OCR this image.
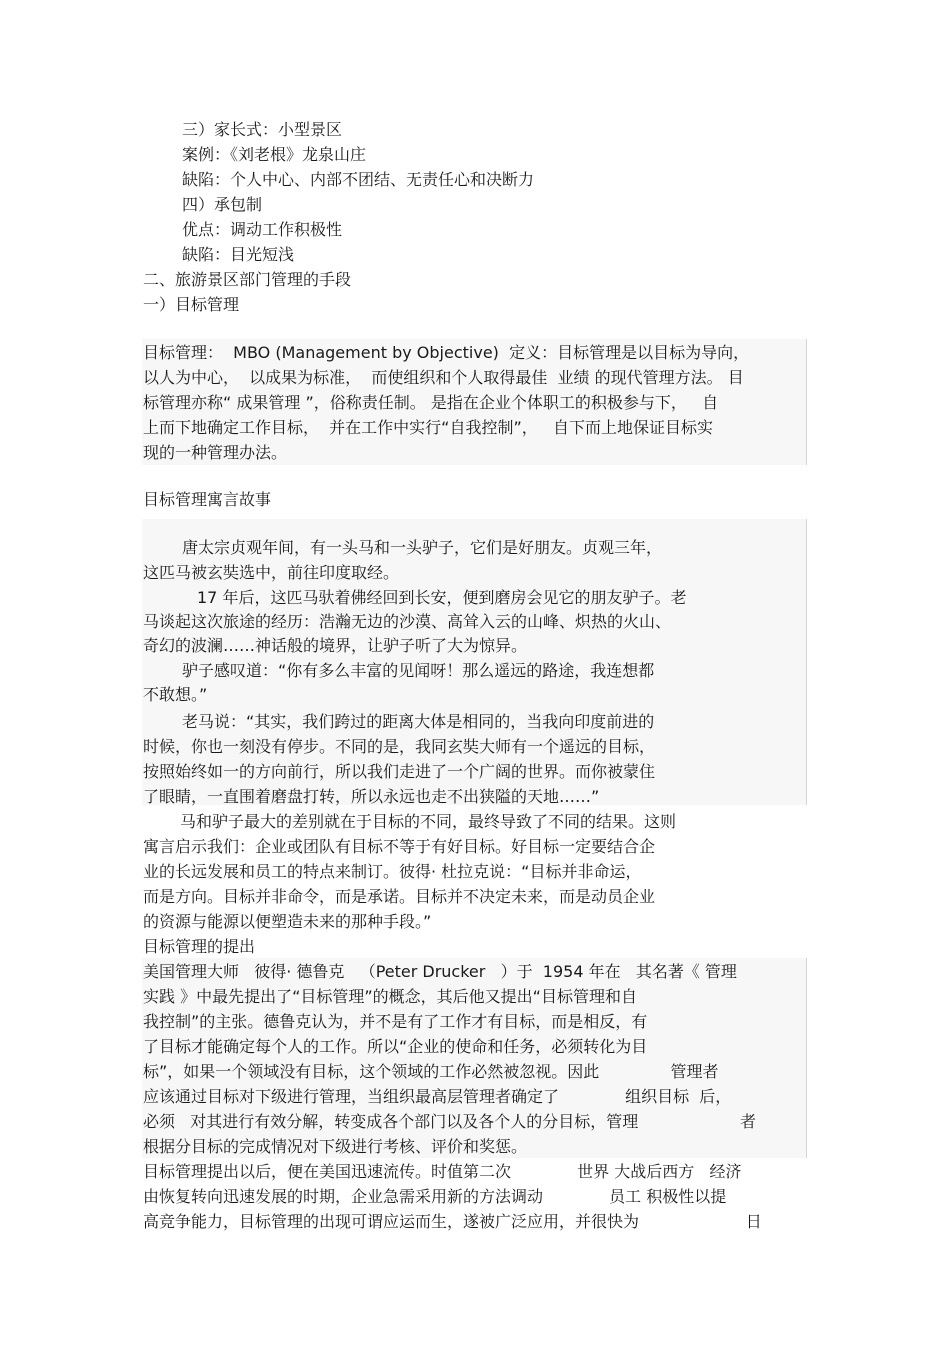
三）家长式：小型景区
案例：《刘老根》龙泉山庄
缺陷：个人中心、内部不团结、无责任心和决断力
四）承包制
优点：调动工作积极性
缺陷：目光短浅
二、旅游景区部门管理的手段
一）目标管理
目标管理：  MBO (Management by Objective)  定义：目标管理是以目标为导向，
以人为中心，  以成果为标准，  而使组织和个人取得最佳  业绩 的现代管理方法。 目
标管理亦称“ 成果管理 ”，俗称责任制。 是指在企业个体职工的积极参与下，   自
上而下地确定工作目标，  并在工作中实行“自我控制”，   自下而上地保证目标实
现的一种管理办法。
目标管理寓言故事
唐太宗贞观年间，有一头马和一头驴子，它们是好朋友。贞观三年，
这匹马被玄奘选中，前往印度取经。
17 年后，这匹马驮着佛经回到长安，便到磨房会见它的朋友驴子。老
马谈起这次旅途的经历：浩瀚无边的沙漠、高耸入云的山峰、炽热的火山、
奇幻的波澜……神话般的境界，让驴子听了大为惊异。
驴子感叹道：“你有多么丰富的见闻呀！那么遥远的路途，我连想都
不敢想。”
老马说：“其实，我们跨过的距离大体是相同的，当我向印度前进的
时候，你也一刻没有停步。不同的是，我同玄奘大师有一个遥远的目标，
按照始终如一的方向前行，所以我们走进了一个广阔的世界。而你被蒙住
了眼睛，一直围着磨盘打转，所以永远也走不出狭隘的天地……”
马和驴子最大的差别就在于目标的不同，最终导致了不同的结果。这则
寓言启示我们：企业或团队有目标不等于有好目标。好目标一定要结合企
业的长远发展和员工的特点来制订。彼得· 杜拉克说：“目标并非命运，
而是方向。目标并非命令，而是承诺。目标并不决定未来，而是动员企业
的资源与能源以便塑造未来的那种手段。”
目标管理的提出
美国管理大师   彼得· 德鲁克   （Peter Drucker   ）于  1954 年在   其名著《 管理
实践 》中最先提出了“目标管理”的概念，其后他又提出“目标管理和自
我控制”的主张。德鲁克认为，并不是有了工作才有目标，而是相反，有
了目标才能确定每个人的工作。所以“企业的使命和任务，必须转化为目
标”，如果一个领域没有目标，这个领域的工作必然被忽视。因此              管理者
应该通过目标对下级进行管理，当组织最高层管理者确定了             组织目标  后，
必须   对其进行有效分解，转变成各个部门以及各个人的分目标，管理                    者
根据分目标的完成情况对下级进行考核、评价和奖惩。
目标管理提出以后，便在美国迅速流传。时值第二次             世界 大战后西方   经济
由恢复转向迅速发展的时期，企业急需采用新的方法调动             员工 积极性以提
高竞争能力，目标管理的出现可谓应运而生，遂被广泛应用，并很快为                     日
